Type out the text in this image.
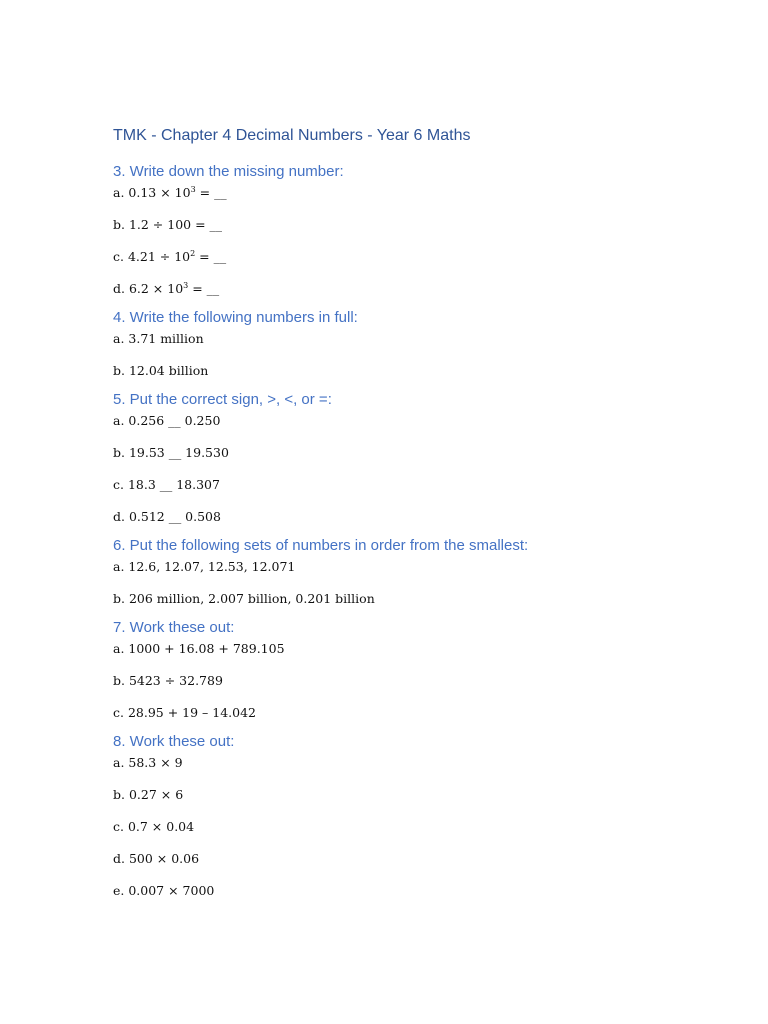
TMK - Chapter 4 Decimal Numbers - Year 6 Maths
3. Write down the missing number:

a. $0.13 \times 10^3$ = __

b. 1.2 ÷ 100 = __

c. $4.21 \div 10^2$ = __

d. $6.2 \times 10^3$ = __

4. Write the following numbers in full:

a. 3.71 million

b. 12.04 billion

5. Put the correct sign, >, <, or =:

a. 0.256 __ 0.250

b. 19.53 __ 19.530

c. 18.3 __ 18.307

d. 0.512 __ 0.508

6. Put the following sets of numbers in order from the smallest:

a. 12.6, 12.07, 12.53, 12.071

b. 206 million, 2.007 billion, 0.201 billion

7. Work these out:

a. 1000 + 16.08 + 789.105

b. 5423 ÷ 32.789

c. 28.95 + 19 – 14.042

8. Work these out:

a. 58.3 × 9

b. 0.27 × 6

c. 0.7 × 0.04

d. 500 × 0.06

e. 0.007 × 7000
